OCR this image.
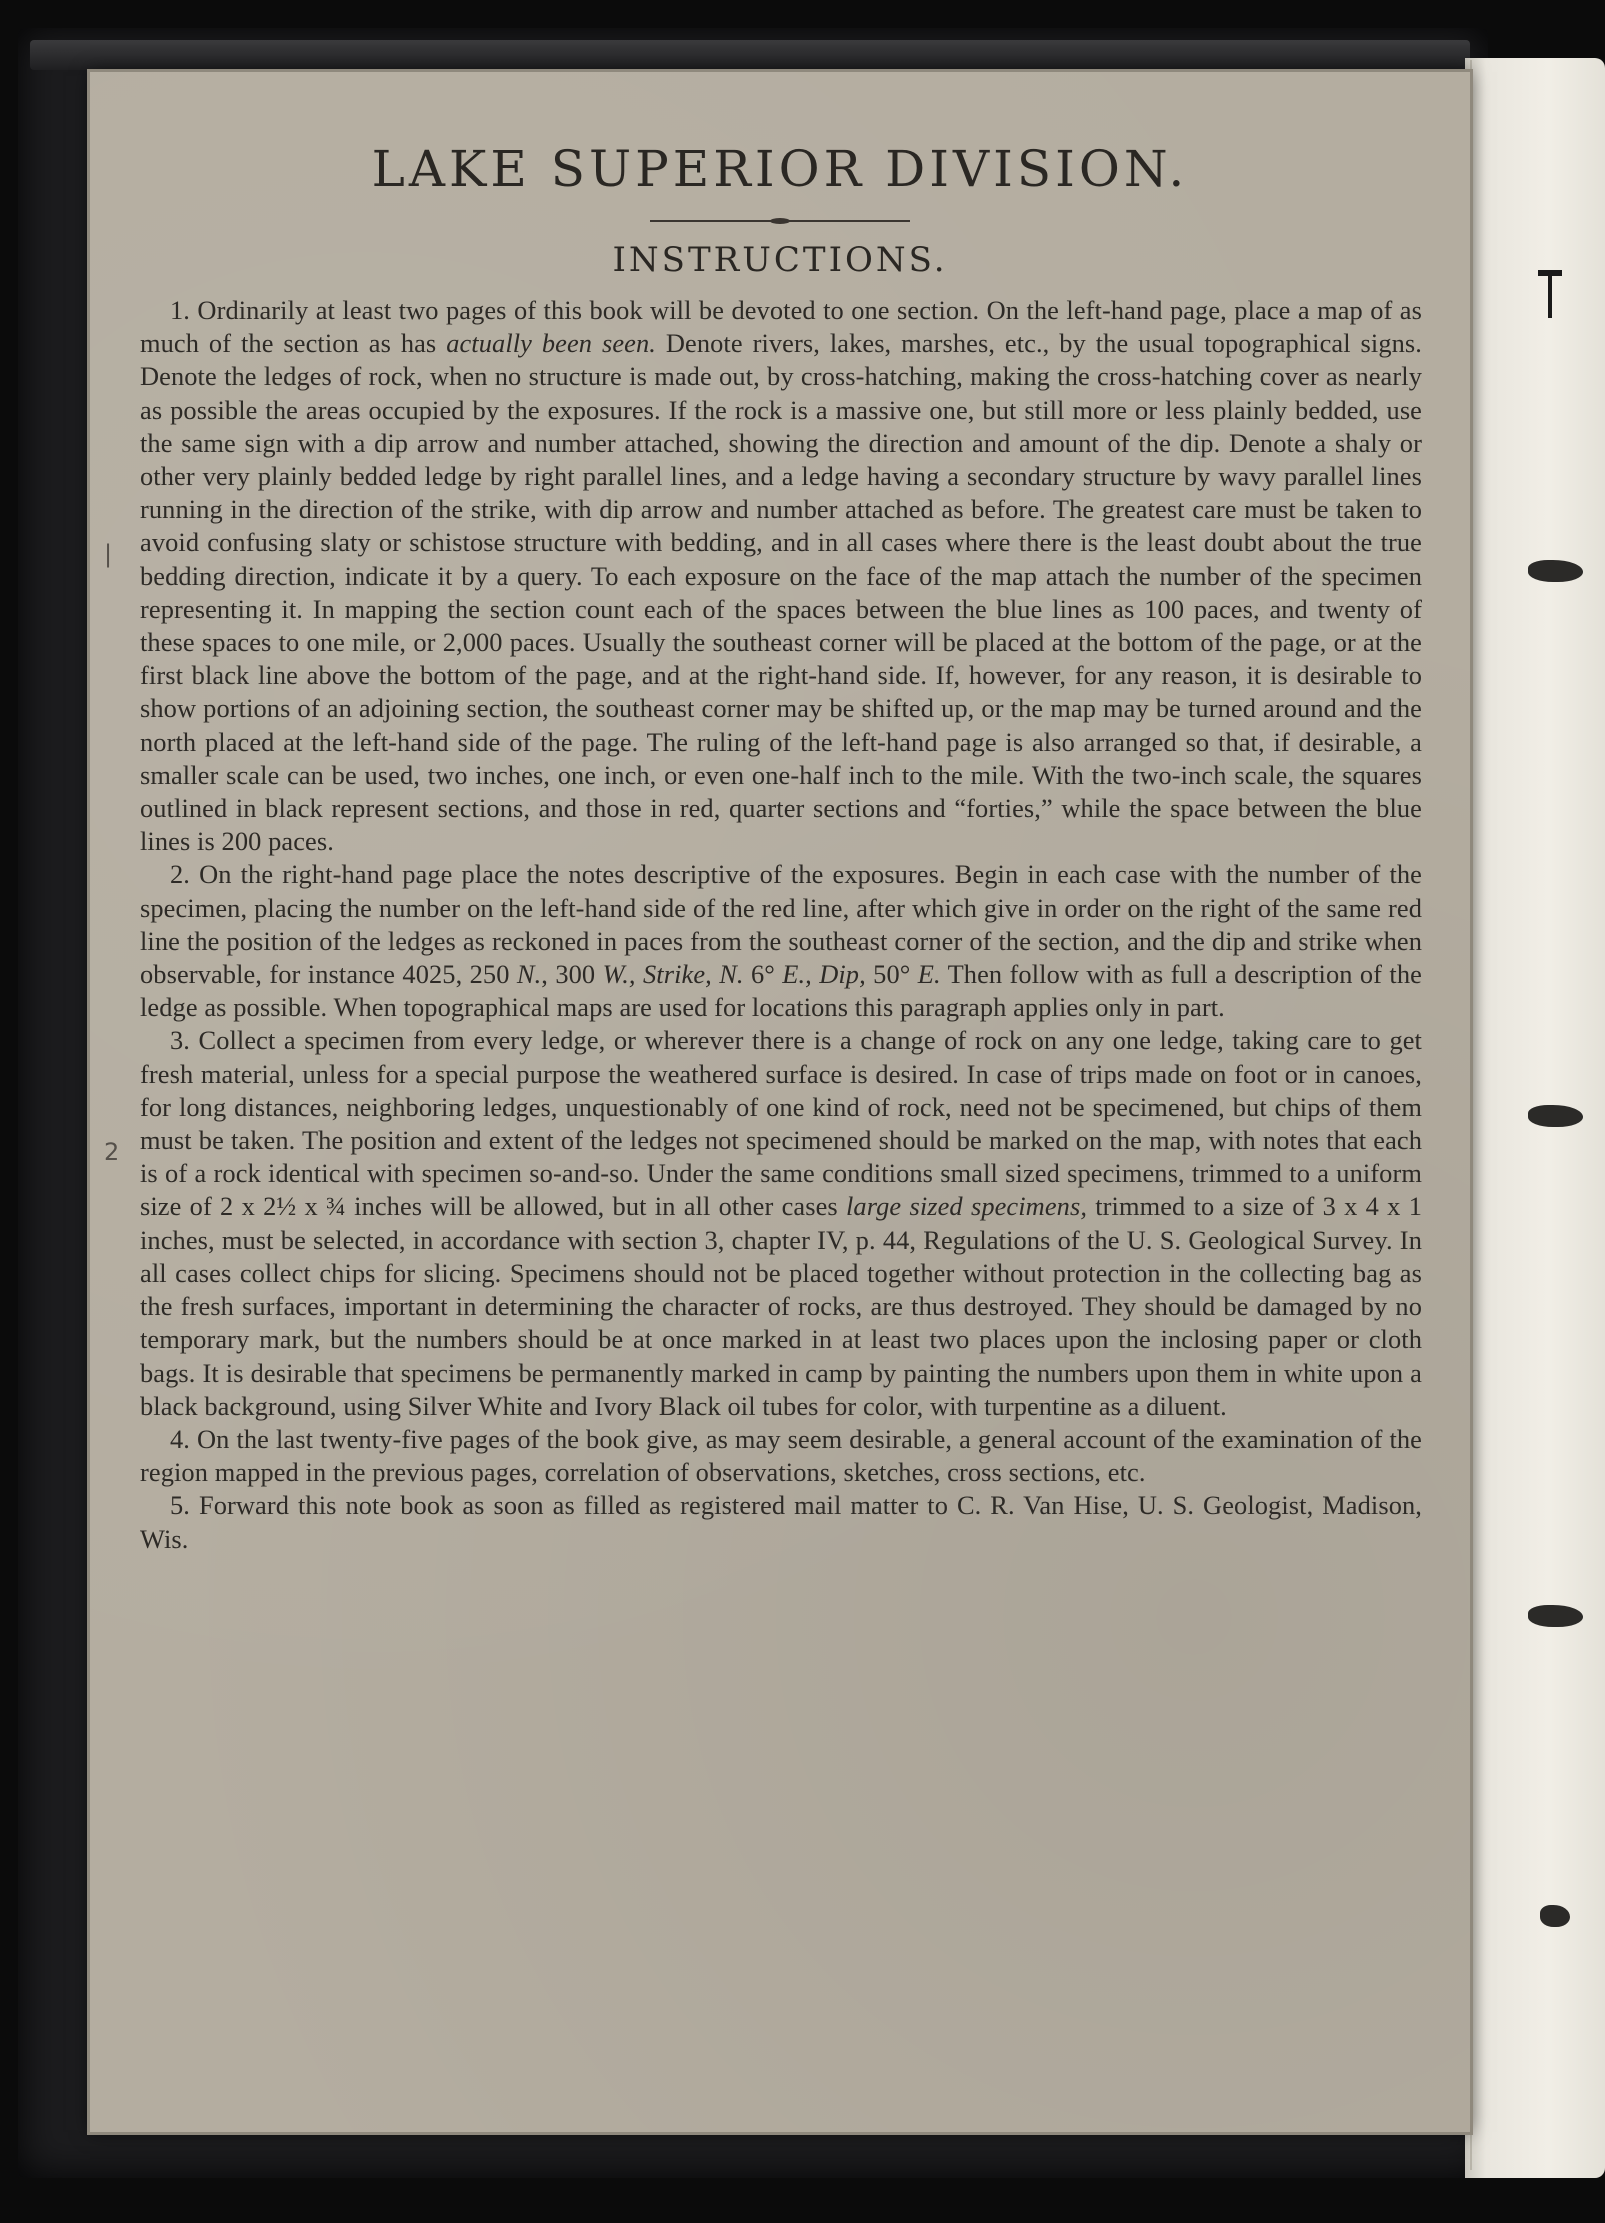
LAKE SUPERIOR DIVISION.
INSTRUCTIONS.

1. Ordinarily at least two pages of this book will be devoted to one section. On the left-hand page, place a map of as much of the section as has actually been seen. Denote rivers, lakes, marshes, etc., by the usual topographical signs. Denote the ledges of rock, when no structure is made out, by cross-hatching, making the cross-hatching cover as nearly as possible the areas occupied by the exposures. If the rock is a massive one, but still more or less plainly bedded, use the same sign with a dip arrow and number attached, showing the direction and amount of the dip. Denote a shaly or other very plainly bedded ledge by right parallel lines, and a ledge having a secondary structure by wavy parallel lines running in the direction of the strike, with dip arrow and number attached as before. The greatest care must be taken to avoid confusing slaty or schistose structure with bedding, and in all cases where there is the least doubt about the true bedding direction, indicate it by a query. To each exposure on the face of the map attach the number of the specimen representing it. In mapping the section count each of the spaces between the blue lines as 100 paces, and twenty of these spaces to one mile, or 2,000 paces. Usually the southeast corner will be placed at the bottom of the page, or at the first black line above the bottom of the page, and at the right-hand side. If, however, for any reason, it is desirable to show portions of an adjoining section, the southeast corner may be shifted up, or the map may be turned around and the north placed at the left-hand side of the page. The ruling of the left-hand page is also arranged so that, if desirable, a smaller scale can be used, two inches, one inch, or even one-half inch to the mile. With the two-inch scale, the squares outlined in black represent sections, and those in red, quarter sections and “forties,” while the space between the blue lines is 200 paces.

2. On the right-hand page place the notes descriptive of the exposures. Begin in each case with the number of the specimen, placing the number on the left-hand side of the red line, after which give in order on the right of the same red line the position of the ledges as reckoned in paces from the southeast corner of the section, and the dip and strike when observable, for instance 4025, 250 N., 300 W., Strike, N. 6° E., Dip, 50° E. Then follow with as full a description of the ledge as possible. When topographical maps are used for locations this paragraph applies only in part.

3. Collect a specimen from every ledge, or wherever there is a change of rock on any one ledge, taking care to get fresh material, unless for a special purpose the weathered surface is desired. In case of trips made on foot or in canoes, for long distances, neighboring ledges, unquestionably of one kind of rock, need not be specimened, but chips of them must be taken. The position and extent of the ledges not specimened should be marked on the map, with notes that each is of a rock identical with specimen so-and-so. Under the same conditions small sized specimens, trimmed to a uniform size of 2 x 2½ x ¾ inches will be allowed, but in all other cases large sized specimens, trimmed to a size of 3 x 4 x 1 inches, must be selected, in accordance with section 3, chapter IV, p. 44, Regulations of the U. S. Geological Survey. In all cases collect chips for slicing. Specimens should not be placed together without protection in the collecting bag as the fresh surfaces, important in determining the character of rocks, are thus destroyed. They should be damaged by no temporary mark, but the numbers should be at once marked in at least two places upon the inclosing paper or cloth bags. It is desirable that specimens be permanently marked in camp by painting the numbers upon them in white upon a black background, using Silver White and Ivory Black oil tubes for color, with turpentine as a diluent.

4. On the last twenty-five pages of the book give, as may seem desirable, a general account of the examination of the region mapped in the previous pages, correlation of observations, sketches, cross sections, etc.

5. Forward this note book as soon as filled as registered mail matter to C. R. Van Hise, U. S. Geologist, Madison, Wis.

|
2
